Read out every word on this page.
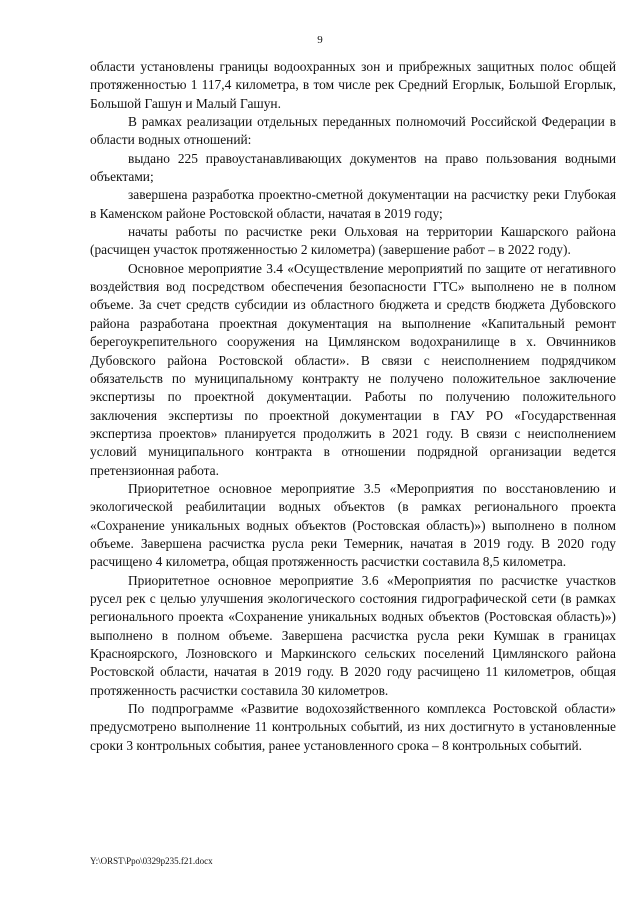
9

области установлены границы водоохранных зон и прибрежных защитных полос общей протяженностью 1 117,4 километра, в том числе рек Средний Егорлык, Большой Егорлык, Большой Гашун и Малый Гашун.

В рамках реализации отдельных переданных полномочий Российской Федерации в области водных отношений:

выдано 225 правоустанавливающих документов на право пользования водными объектами;

завершена разработка проектно-сметной документации на расчистку реки Глубокая в Каменском районе Ростовской области, начатая в 2019 году;

начаты работы по расчистке реки Ольховая на территории Кашарского района (расчищен участок протяженностью 2 километра) (завершение работ – в 2022 году).

Основное мероприятие 3.4 «Осуществление мероприятий по защите от негативного воздействия вод посредством обеспечения безопасности ГТС» выполнено не в полном объеме. За счет средств субсидии из областного бюджета и средств бюджета Дубовского района разработана проектная документация на выполнение «Капитальный ремонт берегоукрепительного сооружения на Цимлянском водохранилище в х. Овчинников Дубовского района Ростовской области». В связи с неисполнением подрядчиком обязательств по муниципальному контракту не получено положительное заключение экспертизы по проектной документации. Работы по получению положительного заключения экспертизы по проектной документации в ГАУ РО «Государственная экспертиза проектов» планируется продолжить в 2021 году. В связи с неисполнением условий муниципального контракта в отношении подрядной организации ведется претензионная работа.

Приоритетное основное мероприятие 3.5 «Мероприятия по восстановлению и экологической реабилитации водных объектов (в рамках регионального проекта «Сохранение уникальных водных объектов (Ростовская область)») выполнено в полном объеме. Завершена расчистка русла реки Темерник, начатая в 2019 году. В 2020 году расчищено 4 километра, общая протяженность расчистки составила 8,5 километра.

Приоритетное основное мероприятие 3.6 «Мероприятия по расчистке участков русел рек с целью улучшения экологического состояния гидрографической сети (в рамках регионального проекта «Сохранение уникальных водных объектов (Ростовская область)») выполнено в полном объеме. Завершена расчистка русла реки Кумшак в границах Красноярского, Лозновского и Маркинского сельских поселений Цимлянского района Ростовской области, начатая в 2019 году. В 2020 году расчищено 11 километров, общая протяженность расчистки составила 30 километров.

По подпрограмме «Развитие водохозяйственного комплекса Ростовской области» предусмотрено выполнение 11 контрольных событий, из них достигнуто в установленные сроки 3 контрольных события, ранее установленного срока – 8 контрольных событий.

Y:\ORST\Ppo\0329p235.f21.docx
